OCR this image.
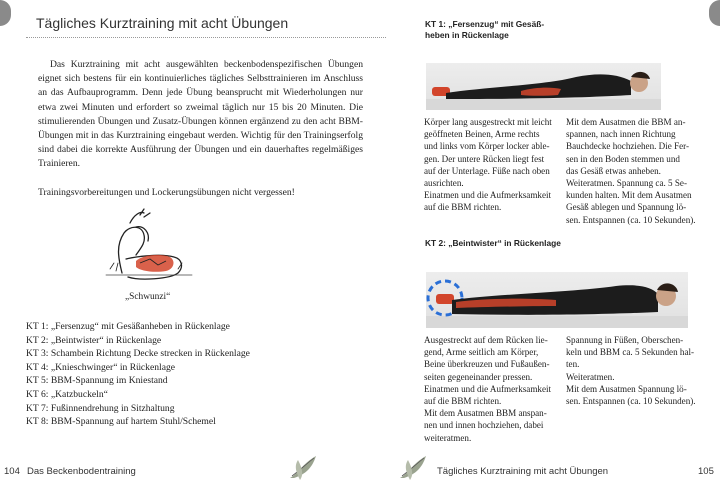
Tägliches Kurztraining mit acht Übungen

Das Kurztraining mit acht ausgewählten beckenbodenspezifischen Übungen eignet sich bestens für ein kontinuierliches tägliches Selbsttrainieren im Anschluss an das Aufbauprogramm. Denn jede Übung beansprucht mit Wiederholungen nur etwa zwei Minuten und erfordert so zweimal täglich nur 15 bis 20 Minuten. Die stimulierenden Übungen und Zusatz-Übungen können ergänzend zu den acht BBM-Übungen mit in das Kurztraining eingebaut werden. Wichtig für den Trainingserfolg sind dabei die korrekte Ausführung der Übungen und ein dauerhaftes regelmäßiges Trainieren.

Trainingsvorbereitungen und Lockerungsübungen nicht vergessen!

„Schwunzi“
KT 1: „Fersenzug“ mit Gesäßanheben in Rückenlage
KT 2: „Beintwister“ in Rückenlage
KT 3: Schambein Richtung Decke strecken in Rückenlage
KT 4: „Knieschwinger“ in Rückenlage
KT 5: BBM-Spannung im Kniestand
KT 6: „Katzbuckeln“
KT 7: Fußinnendrehung in Sitzhaltung
KT 8: BBM-Spannung auf hartem Stuhl/Schemel
KT 1: „Fersenzug“ mit Gesäß-
heben in Rückenlage

Körper lang ausgestreckt mit leicht

geöffneten Beinen, Arme rechts

und links vom Körper locker able-

gen. Der untere Rücken liegt fest

auf der Unterlage. Füße nach oben

ausrichten.

Einatmen und die Aufmerksamkeit

auf die BBM richten.

Mit dem Ausatmen die BBM an-

spannen, nach innen Richtung

Bauchdecke hochziehen. Die Fer-

sen in den Boden stemmen und

das Gesäß etwas anheben.

Weiteratmen. Spannung ca. 5 Se-

kunden halten. Mit dem Ausatmen

Gesäß ablegen und Spannung lö-

sen. Entspannen (ca. 10 Sekunden).

KT 2: „Beintwister“ in Rückenlage

Ausgestreckt auf dem Rücken lie-

gend, Arme seitlich am Körper,

Beine überkreuzen und Fußaußen-

seiten gegeneinander pressen.

Einatmen und die Aufmerksamkeit

auf die BBM richten.

Mit dem Ausatmen BBM anspan-

nen und innen hochziehen, dabei

weiteratmen.

Spannung in Füßen, Oberschen-

keln und BBM ca. 5 Sekunden hal-

ten.

Weiteratmen.

Mit dem Ausatmen Spannung lö-

sen. Entspannen (ca. 10 Sekunden).

104 Das Beckenbodentraining	Tägliches Kurztraining mit acht Übungen	105
